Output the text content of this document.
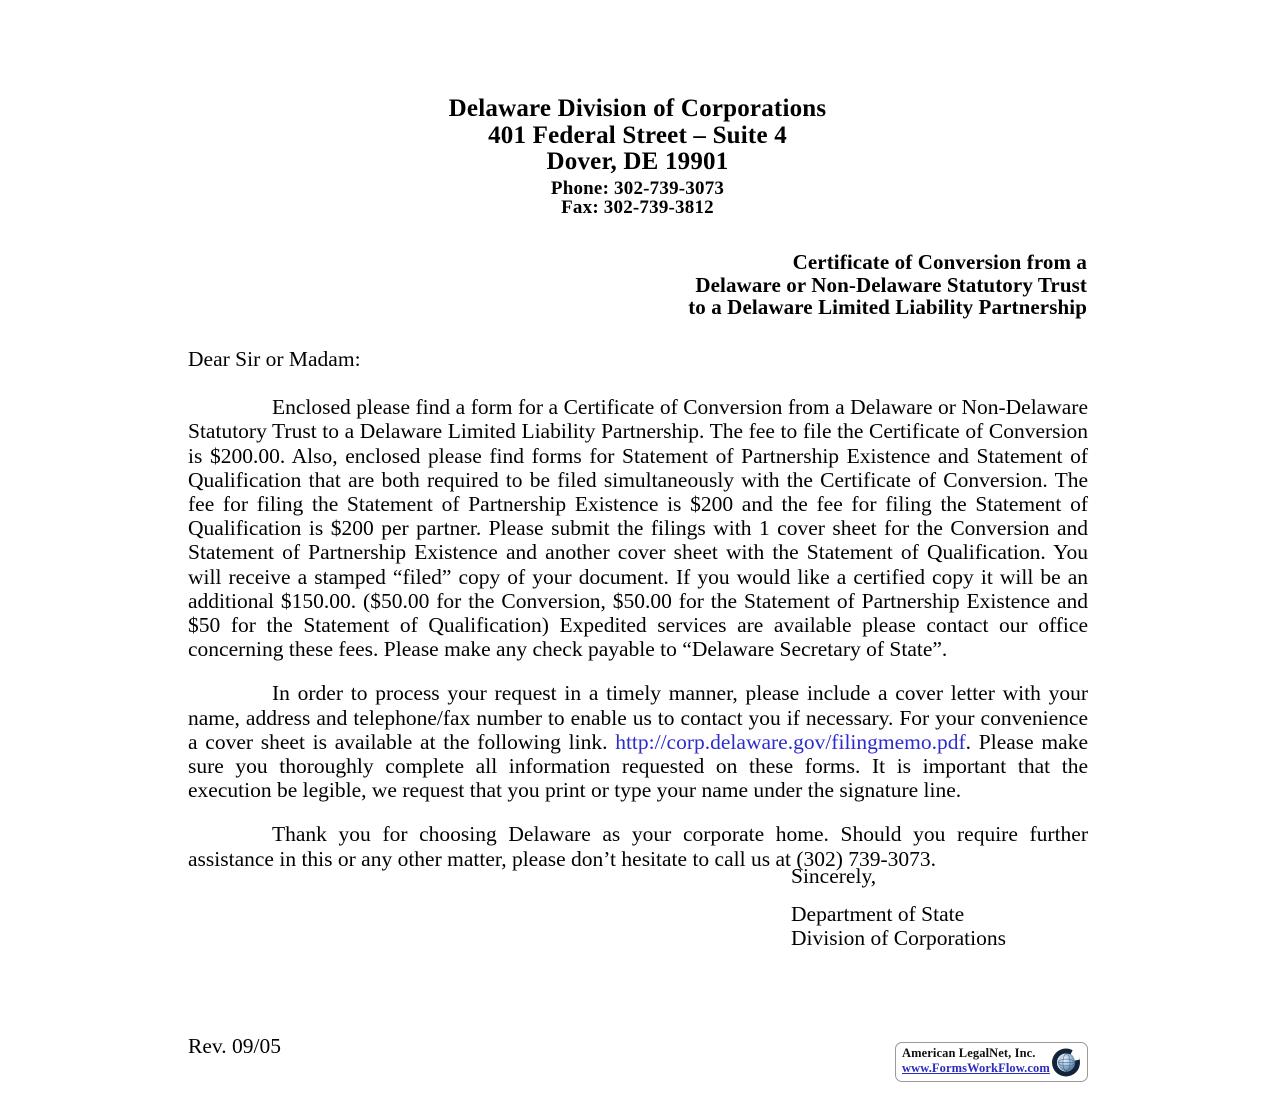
Delaware Division of Corporations
401 Federal Street – Suite 4
Dover, DE 19901
Phone: 302-739-3073
Fax: 302-739-3812
Certificate of Conversion from a
Delaware or Non-Delaware Statutory Trust
to a Delaware Limited Liability Partnership

Dear Sir or Madam:

Enclosed please find a form for a Certificate of Conversion from a Delaware or Non-Delaware Statutory Trust to a Delaware Limited Liability Partnership. The fee to file the Certificate of Conversion is $200.00. Also, enclosed please find forms for Statement of Partnership Existence and Statement of Qualification that are both required to be filed simultaneously with the Certificate of Conversion. The fee for filing the Statement of Partnership Existence is $200 and the fee for filing the Statement of Qualification is $200 per partner. Please submit the filings with 1 cover sheet for the Conversion and Statement of Partnership Existence and another cover sheet with the Statement of Qualification. You will receive a stamped “filed” copy of your document. If you would like a certified copy it will be an additional $150.00. ($50.00 for the Conversion, $50.00 for the Statement of Partnership Existence and $50 for the Statement of Qualification) Expedited services are available please contact our office concerning these fees. Please make any check payable to “Delaware Secretary of State”.

In order to process your request in a timely manner, please include a cover letter with your name, address and telephone/fax number to enable us to contact you if necessary. For your convenience a cover sheet is available at the following link. http://corp.delaware.gov/filingmemo.pdf. Please make sure you thoroughly complete all information requested on these forms. It is important that the execution be legible, we request that you print or type your name under the signature line.

Thank you for choosing Delaware as your corporate home. Should you require further assistance in this or any other matter, please don’t hesitate to call us at (302) 739-3073.

Sincerely,
Department of State
Division of Corporations
Rev. 09/05	American LegalNet, Inc.
www.FormsWorkFlow.com
